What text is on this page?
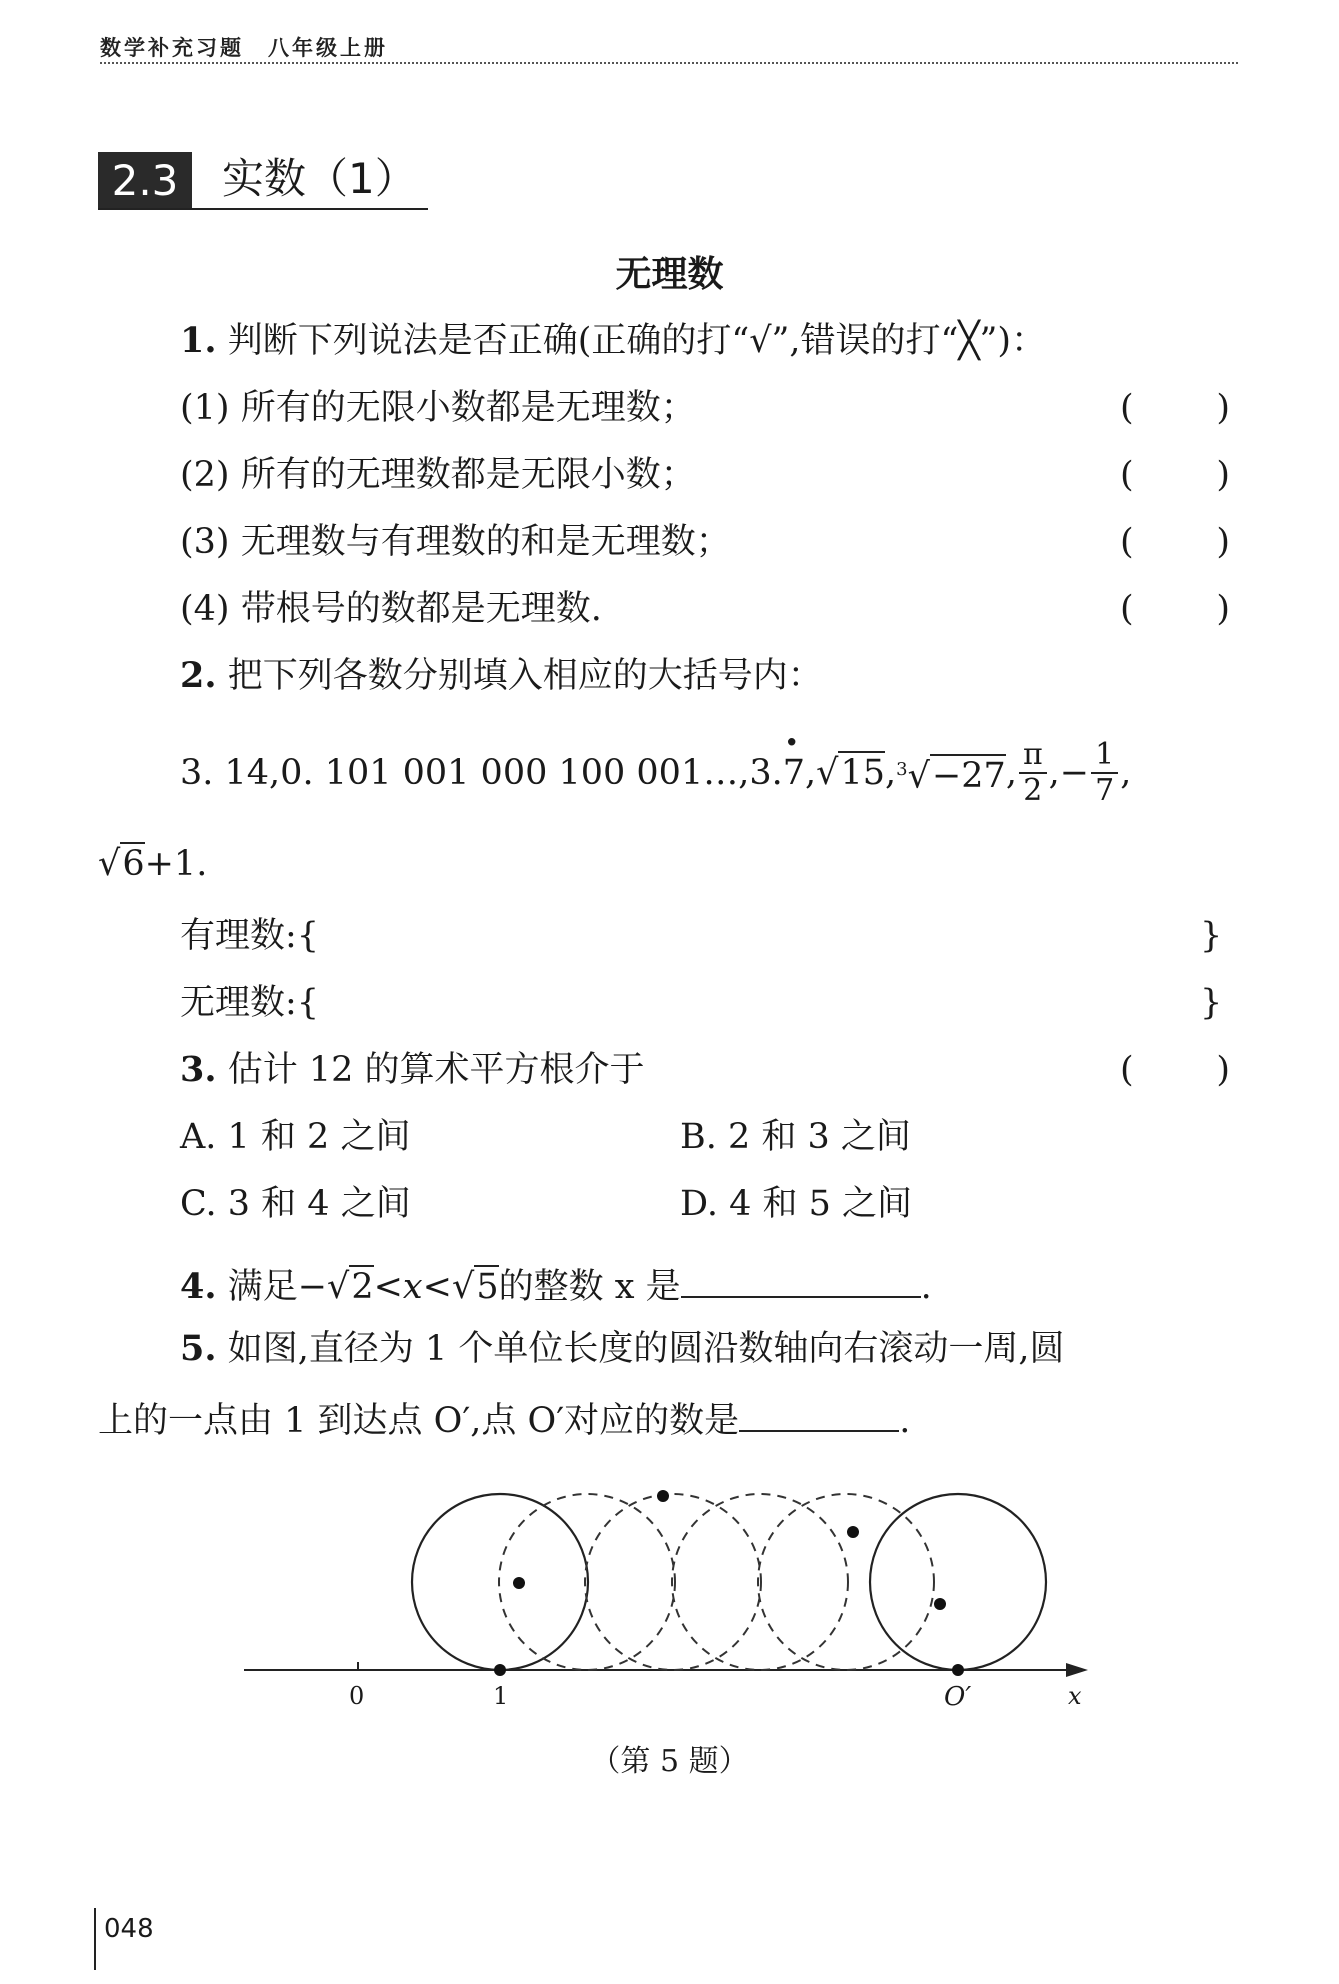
数学补充习题　八年级上册
2.3	实数（1）
无理数
1. 判断下列说法是否正确(正确的打“√”,错误的打“╳”)：
(1) 所有的无限小数都是无理数；
(2) 所有的无理数都是无限小数；
(3) 无理数与有理数的和是无理数；
(4) 带根号的数都是无理数.
( )
( )
( )
( )
2. 把下列各数分别填入相应的大括号内：
3. 14,0. 101 001 000 100 001…,3.
· 7 , √15 , $^3$√−27 , $\frac{\pi}{2}$ ,− $\frac{1}{7}$ ,
√6+1.
有理数:{	}
无理数:{	}
3. 估计 12 的算术平方根介于	( )
A. 1 和 2 之间	B. 2 和 3 之间
C. 3 和 4 之间	D. 4 和 5 之间
4. 满足−√2<x<√5的整数 x 是	.
5. 如图,直径为 1 个单位长度的圆沿数轴向右滚动一周,圆
上的一点由 1 到达点 O′,点 O′对应的数是	.
0	1	O′	x
（第 5 题）
048
